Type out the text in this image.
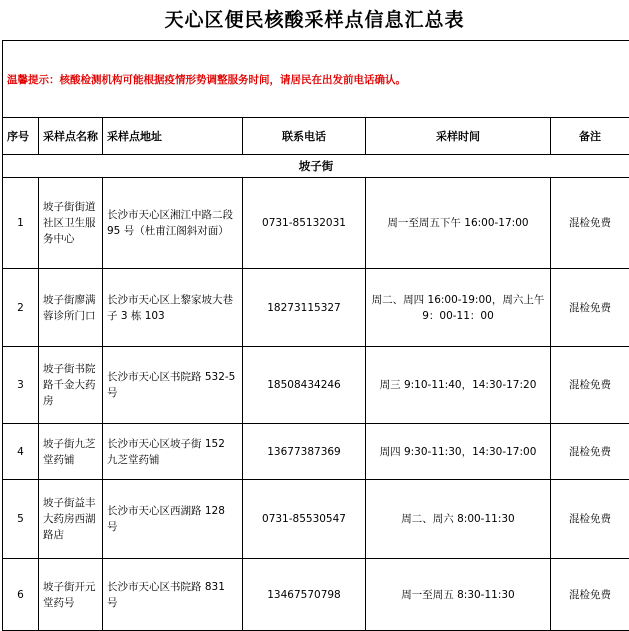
天心区便民核酸采样点信息汇总表
温馨提示：核酸检测机构可能根据疫情形势调整服务时间，请居民在出发前电话确认。					
序号	采样点名称	采样点地址	联系电话	采样时间	备注
坡子街					
1	坡子街街道社区卫生服务中心	长沙市天心区湘江中路二段 95 号（杜甫江阁斜对面）	0731-85132031	周一至周五下午 16:00-17:00	混检免费
2	坡子街廖满蓉诊所门口	长沙市天心区上黎家坡大巷子 3 栋 103	18273115327	周二、周四 16:00-19:00，周六上午 9：00-11：00	混检免费
3	坡子街书院路千金大药房	长沙市天心区书院路 532-5 号	18508434246	周三 9:10-11:40，14:30-17:20	混检免费
4	坡子街九芝堂药铺	长沙市天心区坡子街 152 九芝堂药铺	13677387369	周四 9:30-11:30，14:30-17:00	混检免费
5	坡子街益丰大药房西湖路店	长沙市天心区西湖路 128 号	0731-85530547	周二、周六 8:00-11:30	混检免费
6	坡子街开元堂药号	长沙市天心区书院路 831 号	13467570798	周一至周五 8:30-11:30	混检免费
